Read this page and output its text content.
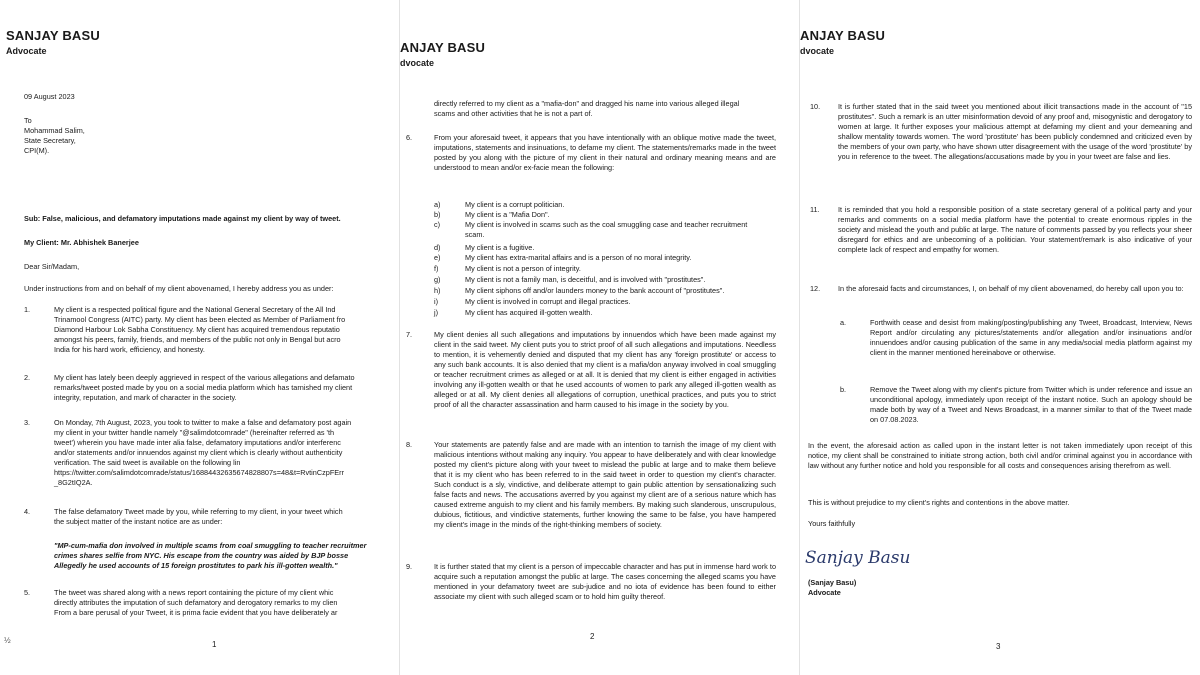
SANJAY BASU
Advocate
09 August 2023
To
Mohammad Salim,
State Secretary,
CPI(M).
Sub: False, malicious, and defamatory imputations made against my client by way of tweet.
My Client: Mr. Abhishek Banerjee
Dear Sir/Madam,
Under instructions from and on behalf of my client abovenamed, I hereby address you as under:
1.	My client is a respected political figure and the National General Secretary of the All Ind
Trinamool Congress (AITC) party. My client has been elected as Member of Parliament fro
Diamond Harbour Lok Sabha Constituency. My client has acquired tremendous reputatio
amongst his peers, family, friends, and members of the public not only in Bengal but acro
India for his hard work, efficiency, and honesty.
2.	My client has lately been deeply aggrieved in respect of the various allegations and defamato
remarks/tweet posted made by you on a social media platform which has tarnished my client
integrity, reputation, and mark of character in the society.
3.	On Monday, 7th August, 2023, you took to twitter to make a false and defamatory post again
my client in your twitter handle namely "@salimdotcomrade" (hereinafter referred as 'th
tweet') wherein you have made inter alia false, defamatory imputations and/or interferenc
and/or statements and/or innuendos against my client which is clearly without authenticity
verification. The said tweet is available on the following lin
https://twitter.com/salimdotcomrade/status/16884432635674828807s=48&t=RvtinCzpFErr
_8G2tIQ2A.
4.	The false defamatory Tweet made by you, while referring to my client, in your tweet which
the subject matter of the instant notice are as under:
"MP-cum-mafia don involved in multiple scams from coal smuggling to teacher recruitmer
crimes shares selfie from NYC. His escape from the country was aided by BJP bosse
Allegedly he used accounts of 15 foreign prostitutes to park his ill-gotten wealth."
5.	The tweet was shared along with a news report containing the picture of my client whic
directly attributes the imputation of such defamatory and derogatory remarks to my clien
From a bare perusal of your Tweet, it is prima facie evident that you have deliberately ar
1
½
ANJAY BASU
dvocate
directly referred to my client as a "mafia-don" and dragged his name into various alleged illegal
scams and other activities that he is not a part of.
6.	From your aforesaid tweet, it appears that you have intentionally with an oblique motive made the tweet, imputations, statements and insinuations, to defame my client. The statements/remarks made in the tweet posted by you along with the picture of my client in their natural and ordinary meaning means and are understood to mean and/or ex-facie mean the following:
a)	My client is a corrupt politician.
b)	My client is a "Mafia Don".
c)	My client is involved in scams such as the coal smuggling case and teacher recruitment
scam.
d)	My client is a fugitive.
e)	My client has extra-marital affairs and is a person of no moral integrity.
f)	My client is not a person of integrity.
g)	My client is not a family man, is deceitful, and is involved with "prostitutes".
h)	My client siphons off and/or launders money to the bank account of "prostitutes".
i)	My client is involved in corrupt and illegal practices.
j)	My client has acquired ill-gotten wealth.
7.	My client denies all such allegations and imputations by innuendos which have been made against my client in the said tweet. My client puts you to strict proof of all such allegations and imputations. Needless to mention, it is vehemently denied and disputed that my client has any 'foreign prostitute' or access to any such bank accounts. It is also denied that my client is a mafia/don anyway involved in coal smuggling or teacher recruitment crimes as alleged or at all. It is denied that my client is either engaged in activities involving any ill-gotten wealth or that he used accounts of women to park any alleged ill-gotten wealth as alleged or at all. My client denies all allegations of corruption, unethical practices, and puts you to strict proof of all the character assassination and harm caused to his image in the society by you.
8.	Your statements are patently false and are made with an intention to tarnish the image of my client with malicious intentions without making any inquiry. You appear to have deliberately and with clear knowledge posted my client's picture along with your tweet to mislead the public at large and to make them believe that it is my client who has been referred to in the said tweet in order to question my client's character. Such conduct is a sly, vindictive, and deliberate attempt to gain public attention by sensationalizing such false facts and news. The accusations averred by you against my client are of a serious nature which has caused extreme anguish to my client and his family members. By making such slanderous, unscrupulous, dubious, fictitious, and vindictive statements, further knowing the same to be false, you have hampered my client's image in the minds of the right-thinking members of society.
9.	It is further stated that my client is a person of impeccable character and has put in immense hard work to acquire such a reputation amongst the public at large. The cases concerning the alleged scams you have mentioned in your defamatory tweet are sub-judice and no iota of evidence has been found to either associate my client with such alleged scam or to hold him guilty thereof.
2
ANJAY BASU
dvocate
10. It is further stated that in the said tweet you mentioned about illicit transactions made in the account of "15 prostitutes". Such a remark is an utter misinformation devoid of any proof and, misogynistic and derogatory to women at large. It further exposes your malicious attempt at defaming my client and your demeaning and shallow mentality towards women. The word 'prostitute' has been publicly condemned and criticized even by the members of your own party, who have shown utter disagreement with the usage of the word 'prostitute' by you in reference to the tweet. The allegations/accusations made by you in your tweet are false and lies.
11.	It is reminded that you hold a responsible position of a state secretary general of a political party and your remarks and comments on a social media platform have the potential to create enormous ripples in the society and mislead the youth and public at large. The nature of comments passed by you reflects your sheer disregard for ethics and are unbecoming of a politician. Your statement/remark is also indicative of your complete lack of respect and empathy for women.
12. In the aforesaid facts and circumstances, I, on behalf of my client abovenamed, do hereby call upon you to:
a.	Forthwith cease and desist from making/posting/publishing any Tweet, Broadcast, Interview, News Report and/or circulating any pictures/statements and/or allegation and/or insinuations and/or innuendoes and/or causing publication of the same in any media/social media platform against my client in the manner mentioned hereinabove or otherwise.
b.	Remove the Tweet along with my client's picture from Twitter which is under reference and issue an unconditional apology, immediately upon receipt of the instant notice. Such an apology should be made both by way of a Tweet and News Broadcast, in a manner similar to that of the Tweet made on 07.08.2023.
In the event, the aforesaid action as called upon in the instant letter is not taken immediately upon receipt of this notice, my client shall be constrained to initiate strong action, both civil and/or criminal against you in accordance with law without any further notice and hold you responsible for all costs and consequences arising therefrom as well.
This is without prejudice to my client's rights and contentions in the above matter.
Yours faithfully
Sanjay Basu
(Sanjay Basu)
Advocate
3
